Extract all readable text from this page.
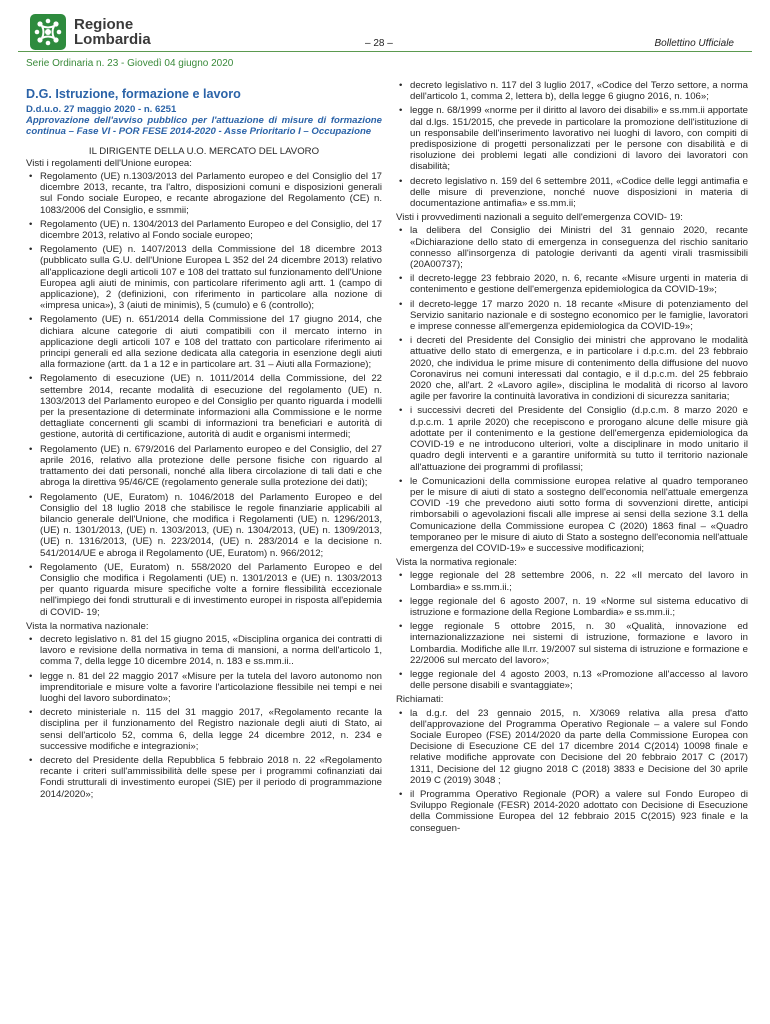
Regione
Lombardia	– 28 –	Bollettino Ufficiale
Serie Ordinaria n. 23 - Giovedì 04 giugno 2020
D.G. Istruzione, formazione e lavoro
D.d.u.o. 27 maggio 2020 - n. 6251
Approvazione dell'avviso pubblico per l'attuazione di misure di formazione continua – Fase VI - POR FESE 2014-2020 - Asse Prioritario I – Occupazione
IL DIRIGENTE DELLA U.O. MERCATO DEL LAVORO

Visti i regolamenti dell'Unione europea:

• Regolamento (UE) n.1303/2013 del Parlamento europeo e del Consiglio del 17 dicembre 2013, recante, tra l'altro, disposizioni comuni e disposizioni generali sul Fondo sociale Europeo, e recante abrogazione del Regolamento (CE) n. 1083/2006 del Consiglio, e ssmmii;
• Regolamento (UE) n. 1304/2013 del Parlamento Europeo e del Consiglio, del 17 dicembre 2013, relativo al Fondo sociale europeo;
• Regolamento (UE) n. 1407/2013 della Commissione del 18 dicembre 2013 (pubblicato sulla G.U. dell'Unione Europea L 352 del 24 dicembre 2013) relativo all'applicazione degli articoli 107 e 108 del trattato sul funzionamento dell'Unione Europea agli aiuti de minimis, con particolare riferimento agli artt. 1 (campo di applicazione), 2 (definizioni, con riferimento in particolare alla nozione di «impresa unica»), 3 (aiuti de minimis), 5 (cumulo) e 6 (controllo);
• Regolamento (UE) n. 651/2014 della Commissione del 17 giugno 2014, che dichiara alcune categorie di aiuti compatibili con il mercato interno in applicazione degli articoli 107 e 108 del trattato con particolare riferimento ai principi generali ed alla sezione dedicata alla categoria in esenzione degli aiuti alla formazione (artt. da 1 a 12 e in particolare art. 31 – Aiuti alla Formazione);
• Regolamento di esecuzione (UE) n. 1011/2014 della Commissione, del 22 settembre 2014, recante modalità di esecuzione del regolamento (UE) n. 1303/2013 del Parlamento europeo e del Consiglio per quanto riguarda i modelli per la presentazione di determinate informazioni alla Commissione e le norme dettagliate concernenti gli scambi di informazioni tra beneficiari e autorità di gestione, autorità di certificazione, autorità di audit e organismi intermedi;
• Regolamento (UE) n. 679/2016 del Parlamento europeo e del Consiglio, del 27 aprile 2016, relativo alla protezione delle persone fisiche con riguardo al trattamento dei dati personali, nonché alla libera circolazione di tali dati e che abroga la direttiva 95/46/CE (regolamento generale sulla protezione dei dati);
• Regolamento (UE, Euratom) n. 1046/2018 del Parlamento Europeo e del Consiglio del 18 luglio 2018 che stabilisce le regole finanziarie applicabili al bilancio generale dell'Unione, che modifica i Regolamenti (UE) n. 1296/2013, (UE) n. 1301/2013, (UE) n. 1303/2013, (UE) n. 1304/2013, (UE) n. 1309/2013, (UE) n. 1316/2013, (UE) n. 223/2014, (UE) n. 283/2014 e la decisione n. 541/2014/UE e abroga il Regolamento (UE, Euratom) n. 966/2012;
• Regolamento (UE, Euratom) n. 558/2020 del Parlamento Europeo e del Consiglio che modifica i Regolamenti (UE) n. 1301/2013 e (UE) n. 1303/2013 per quanto riguarda misure specifiche volte a fornire flessibilità eccezionale nell'impiego dei fondi strutturali e di investimento europei in risposta all'epidemia di COVID- 19;

Vista la normativa nazionale:

• decreto legislativo n. 81 del 15 giugno 2015, «Disciplina organica dei contratti di lavoro e revisione della normativa in tema di mansioni, a norma dell'articolo 1, comma 7, della legge 10 dicembre 2014, n. 183 e ss.mm.ii..
• legge n. 81 del 22 maggio 2017 «Misure per la tutela del lavoro autonomo non imprenditoriale e misure volte a favorire l'articolazione flessibile nei tempi e nei luoghi del lavoro subordinato»;
• decreto ministeriale n. 115 del 31 maggio 2017, «Regolamento recante la disciplina per il funzionamento del Registro nazionale degli aiuti di Stato, ai sensi dell'articolo 52, comma 6, della legge 24 dicembre 2012, n. 234 e successive modifiche e integrazioni»;
• decreto del Presidente della Repubblica 5 febbraio 2018 n. 22 «Regolamento recante i criteri sull'ammissibilità delle spese per i programmi cofinanziati dai Fondi strutturali di investimento europei (SIE) per il periodo di programmazione 2014/2020»;
• decreto legislativo n. 117 del 3 luglio 2017, «Codice del Terzo settore, a norma dell'articolo 1, comma 2, lettera b), della legge 6 giugno 2016, n. 106»;
• legge n. 68/1999 «norme per il diritto al lavoro dei disabili» e ss.mm.ii apportate dal d.lgs. 151/2015, che prevede in particolare la promozione dell'istituzione di un responsabile dell'inserimento lavorativo nei luoghi di lavoro, con compiti di predisposizione di progetti personalizzati per le persone con disabilità e di risoluzione dei problemi legati alle condizioni di lavoro dei lavoratori con disabilità;
• decreto legislativo n. 159 del 6 settembre 2011, «Codice delle leggi antimafia e delle misure di prevenzione, nonché nuove disposizioni in materia di documentazione antimafia» e ss.mm.ii;

Visti i provvedimenti nazionali a seguito dell'emergenza COVID- 19:

• la delibera del Consiglio dei Ministri del 31 gennaio 2020, recante «Dichiarazione dello stato di emergenza in conseguenza del rischio sanitario connesso all'insorgenza di patologie derivanti da agenti virali trasmissibili (20A00737);
• il decreto-legge 23 febbraio 2020, n. 6, recante «Misure urgenti in materia di contenimento e gestione dell'emergenza epidemiologica da COVID-19»;
• il decreto-legge 17 marzo 2020 n. 18 recante «Misure di potenziamento del Servizio sanitario nazionale e di sostegno economico per le famiglie, lavoratori e imprese connesse all'emergenza epidemiologica da COVID-19»;
• i decreti del Presidente del Consiglio dei ministri che approvano le modalità attuative dello stato di emergenza, e in particolare i d.p.c.m. del 23 febbraio 2020, che individua le prime misure di contenimento della diffusione del nuovo Coronavirus nei comuni interessati dal contagio, e il d.p.c.m. del 25 febbraio 2020 che, all'art. 2 «Lavoro agile», disciplina le modalità di ricorso al lavoro agile per favorire la continuità lavorativa in condizioni di sicurezza sanitaria;
• i successivi decreti del Presidente del Consiglio (d.p.c.m. 8 marzo 2020 e d.p.c.m. 1 aprile 2020) che recepiscono e prorogano alcune delle misure già adottate per il contenimento e la gestione dell'emergenza epidemiologica da COVID-19 e ne introducono ulteriori, volte a disciplinare in modo unitario il quadro degli interventi e a garantire uniformità su tutto il territorio nazionale all'attuazione dei programmi di profilassi;
• le Comunicazioni della commissione europea relative al quadro temporaneo per le misure di aiuti di stato a sostegno dell'economia nell'attuale emergenza COVID -19 che prevedono aiuti sotto forma di sovvenzioni dirette, anticipi rimborsabili o agevolazioni fiscali alle imprese ai sensi della sezione 3.1 della Comunicazione della Commissione europea C (2020) 1863 final – «Quadro temporaneo per le misure di aiuto di Stato a sostegno dell'economia nell'attuale emergenza del COVID-19» e successive modificazioni;

Vista la normativa regionale:

• legge regionale del 28 settembre 2006, n. 22 «Il mercato del lavoro in Lombardia» e ss.mm.ii.;
• legge regionale del 6 agosto 2007, n. 19 «Norme sul sistema educativo di istruzione e formazione della Regione Lombardia» e ss.mm.ii.;
• legge regionale 5 ottobre 2015, n. 30 «Qualità, innovazione ed internazionalizzazione nei sistemi di istruzione, formazione e lavoro in Lombardia. Modifiche alle ll.rr. 19/2007 sul sistema di istruzione e formazione e 22/2006 sul mercato del lavoro»;
• legge regionale del 4 agosto 2003, n.13 «Promozione all'accesso al lavoro delle persone disabili e svantaggiate»;

Richiamati:

• la d.g.r. del 23 gennaio 2015, n. X/3069 relativa alla presa d'atto dell'approvazione del Programma Operativo Regionale – a valere sul Fondo Sociale Europeo (FSE) 2014/2020 da parte della Commissione Europea con Decisione di Esecuzione CE del 17 dicembre 2014 C(2014) 10098 finale e relative modifiche approvate con Decisione del 20 febbraio 2017 C (2017) 1311, Decisione del 12 giugno 2018 C (2018) 3833 e Decisione del 30 aprile 2019 C (2019) 3048 ;
• il Programma Operativo Regionale (POR) a valere sul Fondo Europeo di Sviluppo Regionale (FESR) 2014-2020 adottato con Decisione di Esecuzione della Commissione Europea del 12 febbraio 2015 C(2015) 923 finale e la conseguen-
